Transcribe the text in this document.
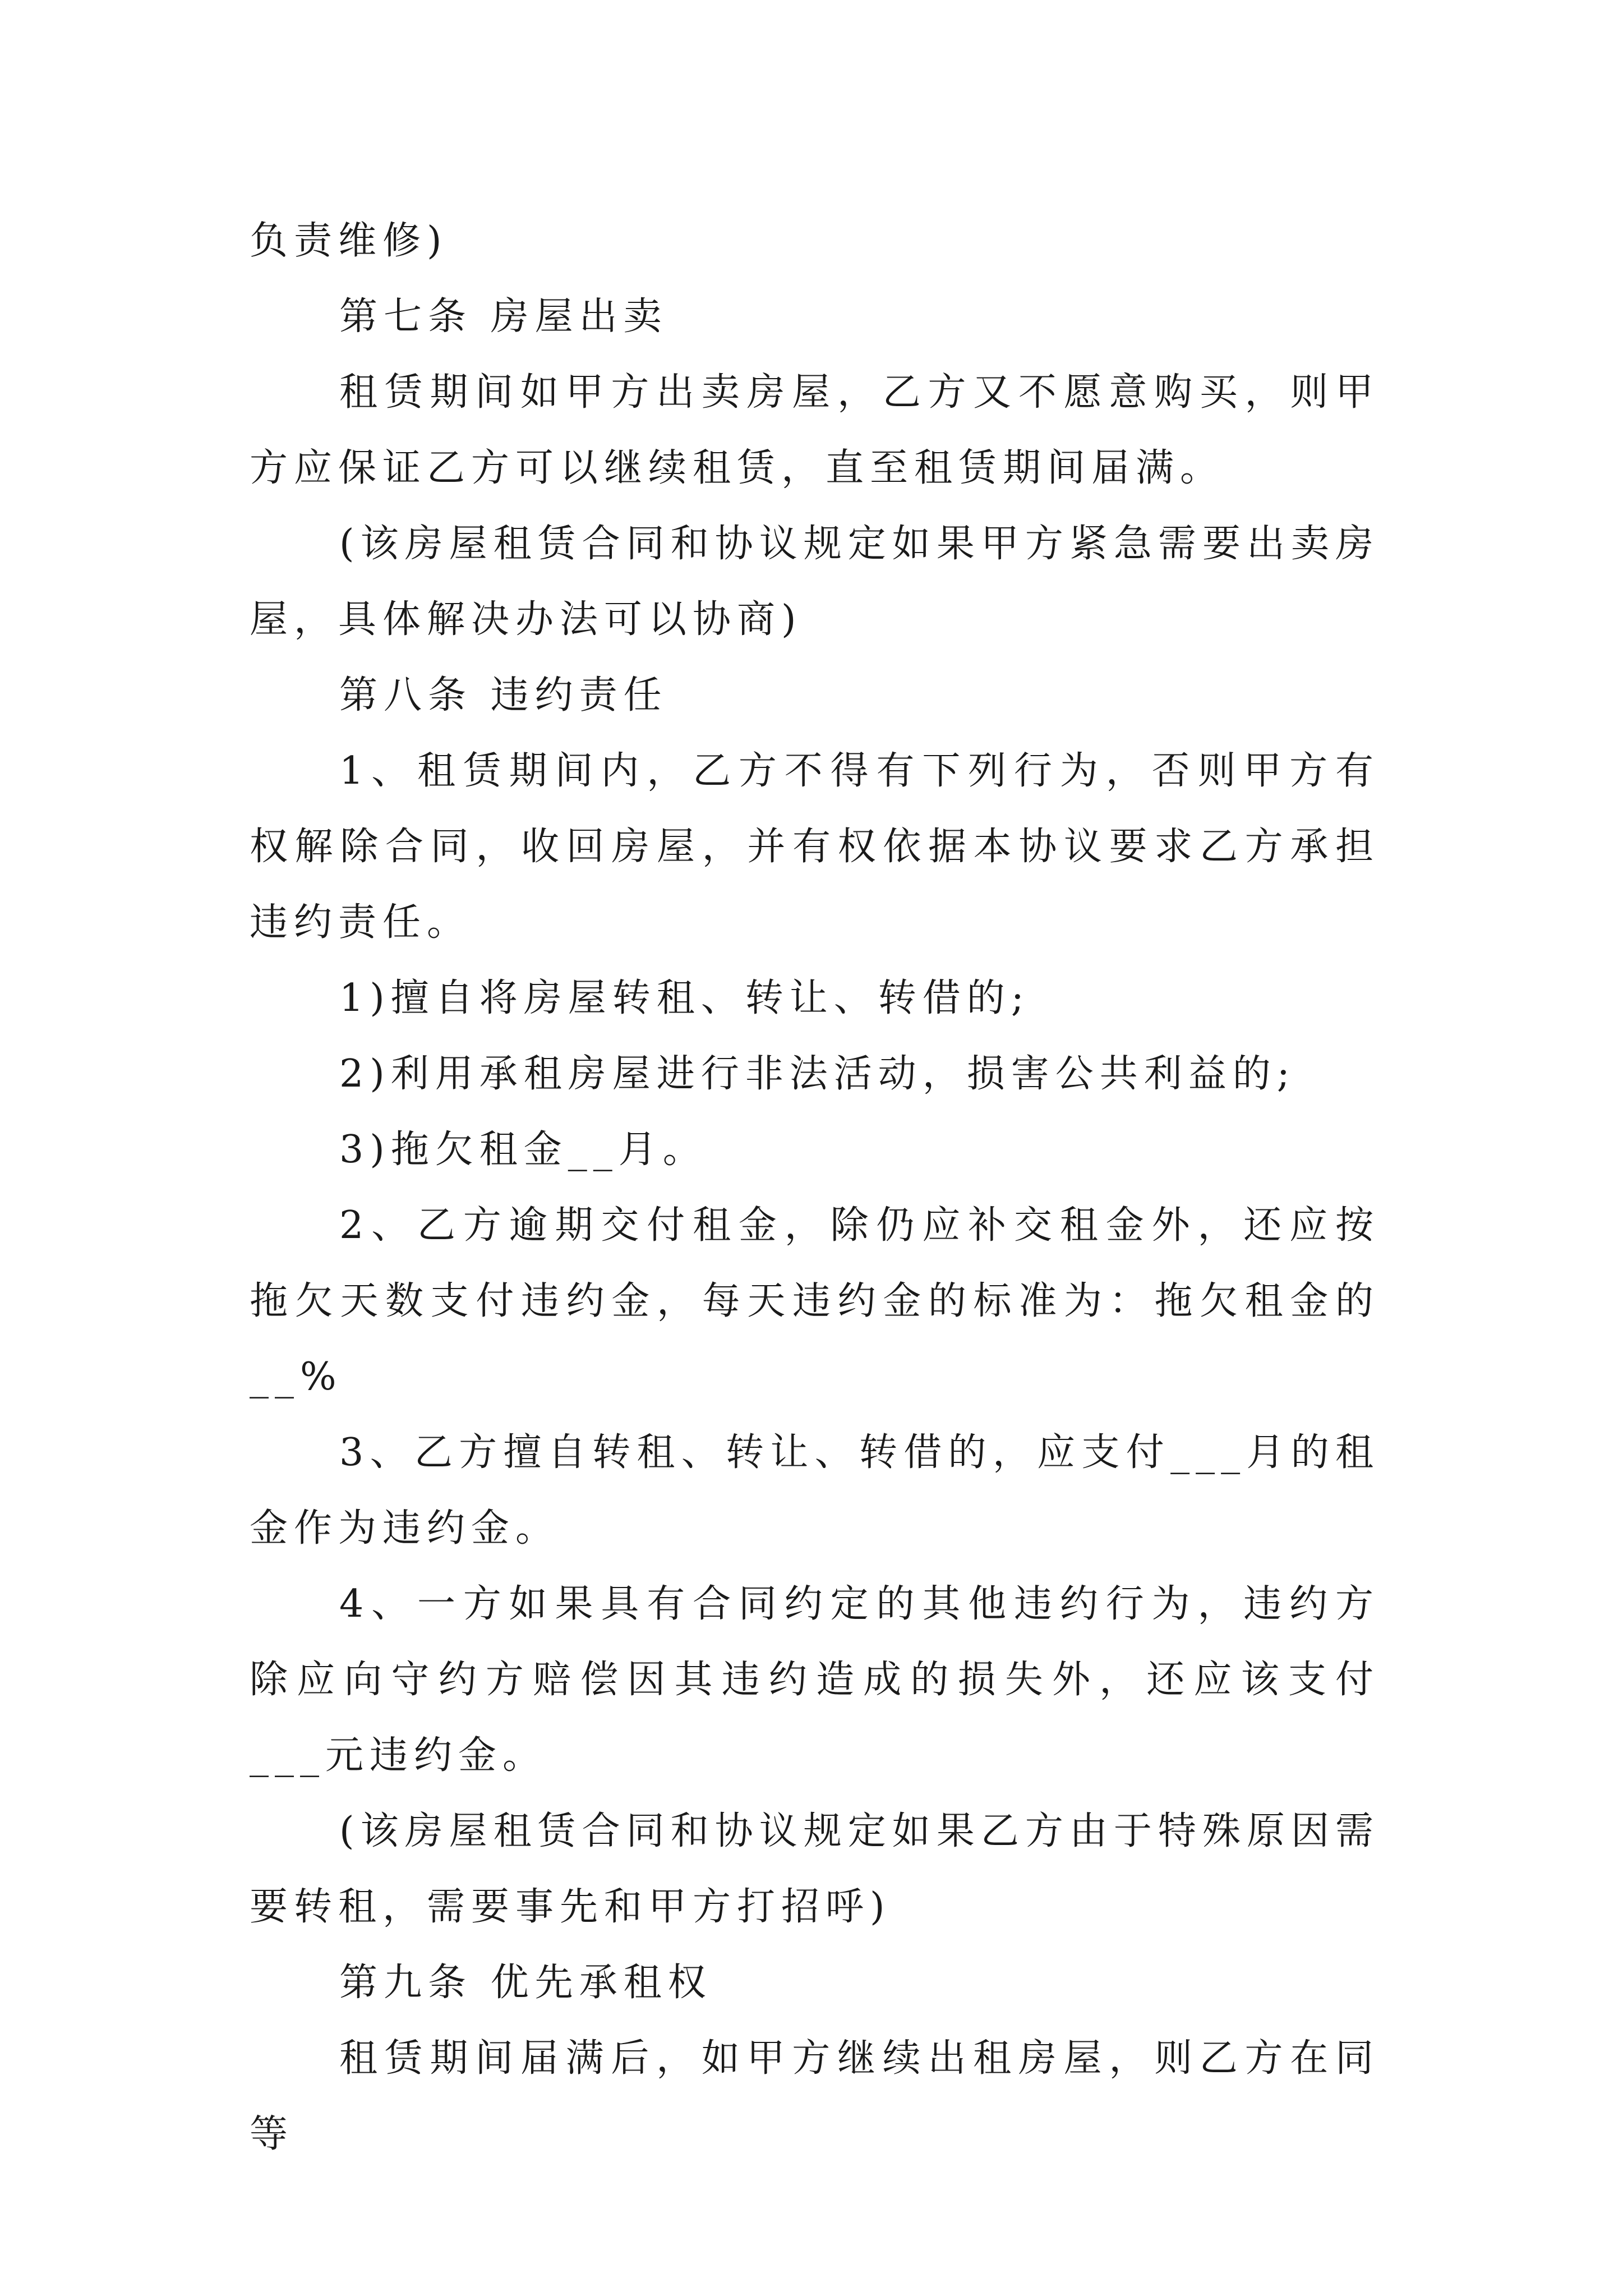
负责维修)

第七条 房屋出卖

租赁期间如甲方出卖房屋，乙方又不愿意购买，则甲方应保证乙方可以继续租赁，直至租赁期间届满。

(该房屋租赁合同和协议规定如果甲方紧急需要出卖房屋，具体解决办法可以协商)

第八条 违约责任

1、租赁期间内，乙方不得有下列行为，否则甲方有权解除合同，收回房屋，并有权依据本协议要求乙方承担违约责任。

1)擅自将房屋转租、转让、转借的;

2)利用承租房屋进行非法活动，损害公共利益的;

3)拖欠租金__月。

2、乙方逾期交付租金，除仍应补交租金外，还应按拖欠天数支付违约金，每天违约金的标准为：拖欠租金的__%

3、乙方擅自转租、转让、转借的，应支付___月的租金作为违约金。

4、一方如果具有合同约定的其他违约行为，违约方除应向守约方赔偿因其违约造成的损失外，还应该支付___元违约金。

(该房屋租赁合同和协议规定如果乙方由于特殊原因需要转租，需要事先和甲方打招呼)

第九条 优先承租权

租赁期间届满后，如甲方继续出租房屋，则乙方在同等
